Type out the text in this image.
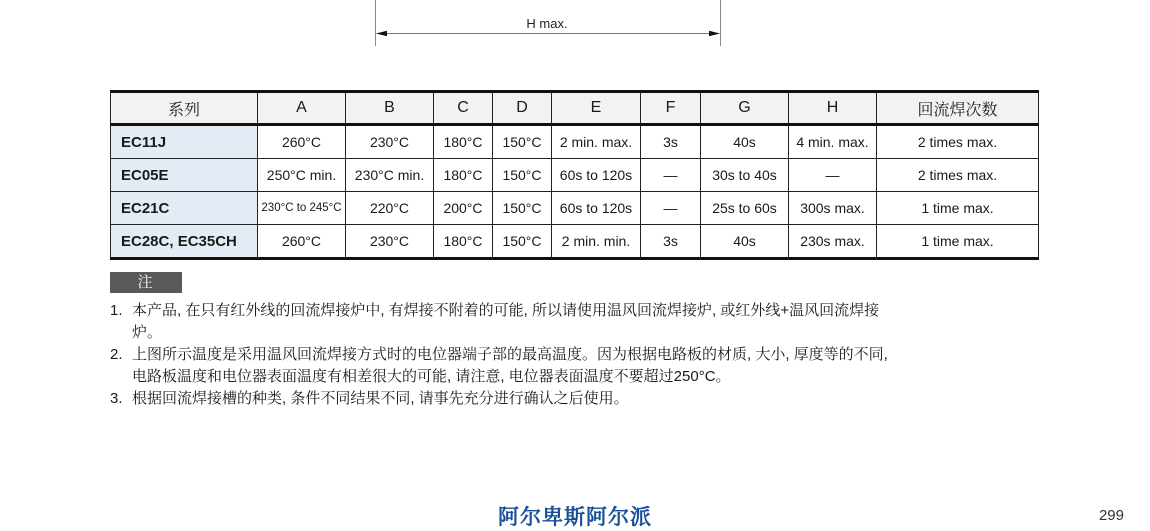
H max.
系列	A	B	C	D	E	F	G	H	回流焊次数
EC11J	260°C	230°C	180°C	150°C	2 min. max.	3s	40s	4 min. max.	2 times max.
EC05E	250°C min.	230°C min.	180°C	150°C	60s to 120s	—	30s to 40s	—	2 times max.
EC21C	230°C to 245°C	220°C	200°C	150°C	60s to 120s	—	25s to 60s	300s max.	1 time max.
EC28C, EC35CH	260°C	230°C	180°C	150°C	2 min. min.	3s	40s	230s max.	1 time max.
注
1. 本产品, 在只有红外线的回流焊接炉中, 有焊接不附着的可能, 所以请使用温风回流焊接炉, 或红外线+温风回流焊接炉。
2. 上图所示温度是采用温风回流焊接方式时的电位器端子部的最高温度。因为根据电路板的材质, 大小, 厚度等的不同, 电路板温度和电位器表面温度有相差很大的可能, 请注意, 电位器表面温度不要超过250°C。
3. 根据回流焊接槽的种类, 条件不同结果不同, 请事先充分进行确认之后使用。
阿尔卑斯阿尔派	299
